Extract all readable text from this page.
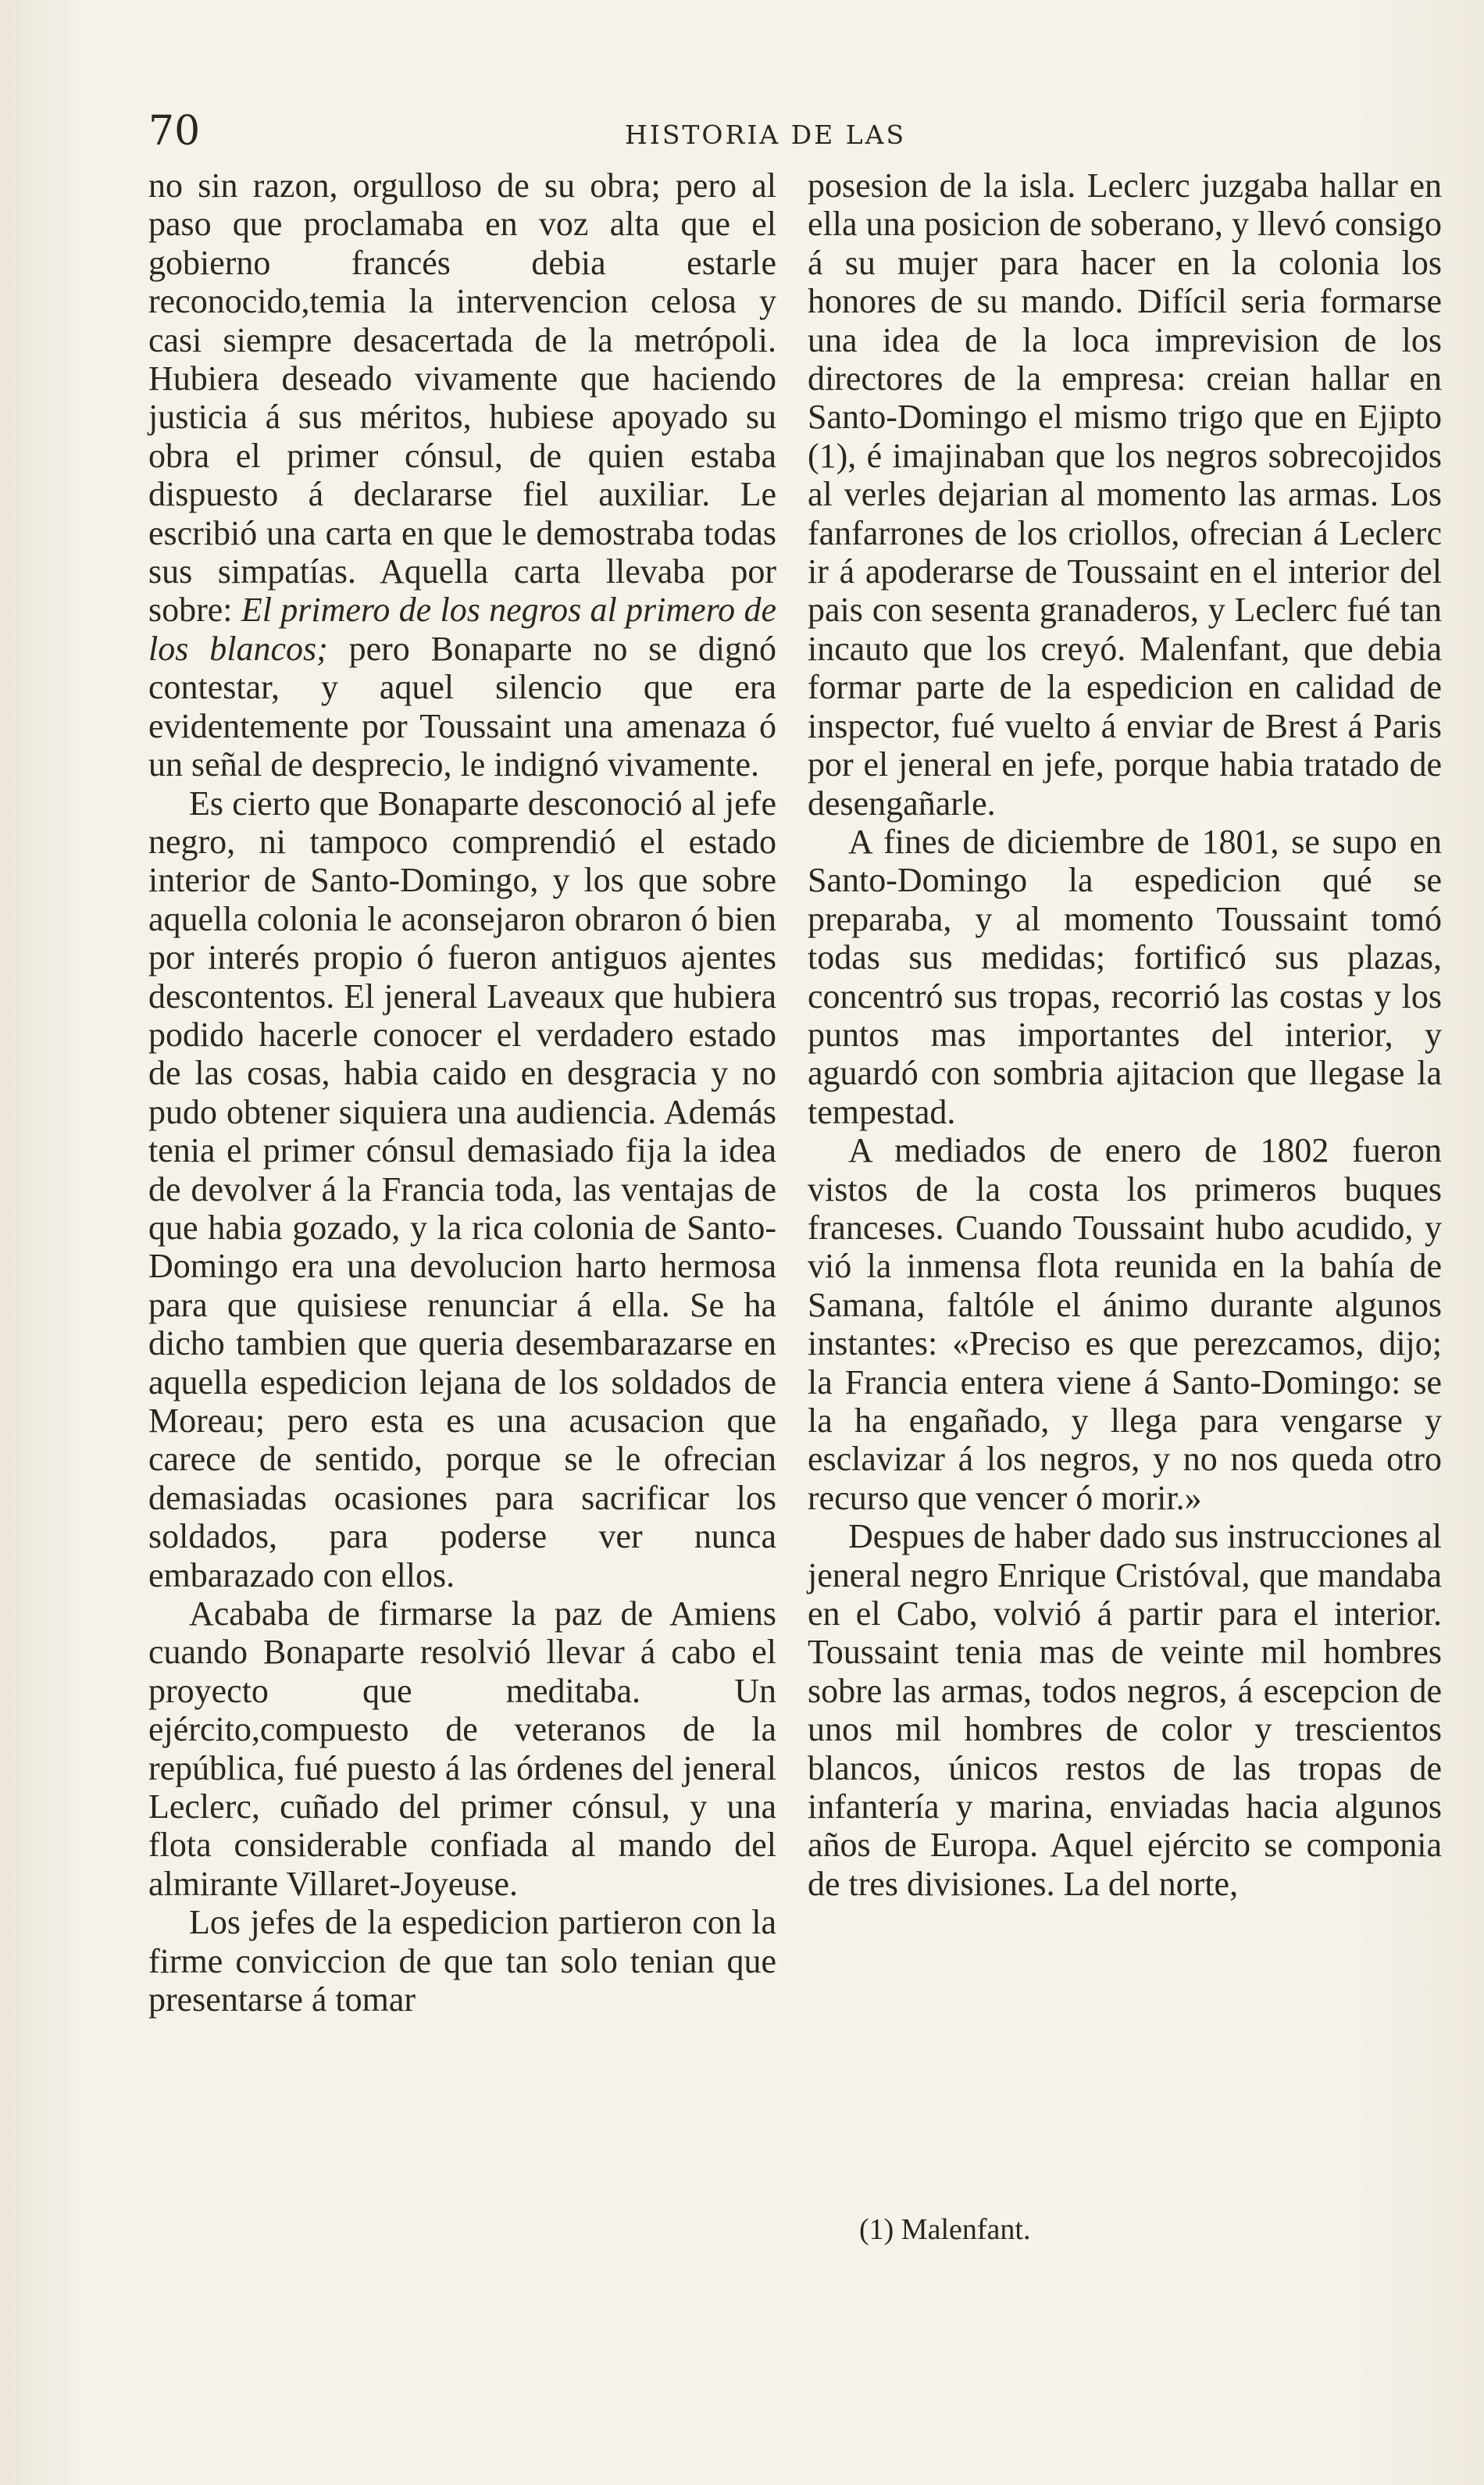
70	HISTORIA DE LAS

no sin razon, orgulloso de su obra; pero al paso que proclamaba en voz alta que el gobierno francés debia estarle reconocido,temia la intervencion celosa y casi siempre desacertada de la metrópoli. Hubiera deseado vivamente que haciendo justicia á sus méritos, hubiese apoyado su obra el primer cónsul, de quien estaba dispuesto á declararse fiel auxiliar. Le escribió una carta en que le demostraba todas sus simpatías. Aquella carta llevaba por sobre: El primero de los negros al primero de los blancos; pero Bonaparte no se dignó contestar, y aquel silencio que era evidentemente por Toussaint una amenaza ó un señal de desprecio, le indignó vivamente.

Es cierto que Bonaparte desconoció al jefe negro, ni tampoco comprendió el estado interior de Santo-Domingo, y los que sobre aquella colonia le aconsejaron obraron ó bien por interés propio ó fueron antiguos ajentes descontentos. El jeneral Laveaux que hubiera podido hacerle conocer el verdadero estado de las cosas, habia caido en desgracia y no pudo obtener siquiera una audiencia. Además tenia el primer cónsul demasiado fija la idea de devolver á la Francia toda, las ventajas de que habia gozado, y la rica colonia de Santo-Domingo era una devolucion harto hermosa para que quisiese renunciar á ella. Se ha dicho tambien que queria desembarazarse en aquella espedicion lejana de los soldados de Moreau; pero esta es una acusacion que carece de sentido, porque se le ofrecian demasiadas ocasiones para sacrificar los soldados, para poderse ver nunca embarazado con ellos.

Acababa de firmarse la paz de Amiens cuando Bonaparte resolvió llevar á cabo el proyecto que meditaba. Un ejército,compuesto de veteranos de la república, fué puesto á las órdenes del jeneral Leclerc, cuñado del primer cónsul, y una flota considerable confiada al mando del almirante Villaret-Joyeuse.

Los jefes de la espedicion partieron con la firme conviccion de que tan solo tenian que presentarse á tomar

posesion de la isla. Leclerc juzgaba hallar en ella una posicion de soberano, y llevó consigo á su mujer para hacer en la colonia los honores de su mando. Difícil seria formarse una idea de la loca imprevision de los directores de la empresa: creian hallar en Santo-Domingo el mismo trigo que en Ejipto (1), é imajinaban que los negros sobrecojidos al verles dejarian al momento las armas. Los fanfarrones de los criollos, ofrecian á Leclerc ir á apoderarse de Toussaint en el interior del pais con sesenta granaderos, y Leclerc fué tan incauto que los creyó. Malenfant, que debia formar parte de la espedicion en calidad de inspector, fué vuelto á enviar de Brest á Paris por el jeneral en jefe, porque habia tratado de desengañarle.

A fines de diciembre de 1801, se supo en Santo-Domingo la espedicion qué se preparaba, y al momento Toussaint tomó todas sus medidas; fortificó sus plazas, concentró sus tropas, recorrió las costas y los puntos mas importantes del interior, y aguardó con sombria ajitacion que llegase la tempestad.

A mediados de enero de 1802 fueron vistos de la costa los primeros buques franceses. Cuando Toussaint hubo acudido, y vió la inmensa flota reunida en la bahía de Samana, faltóle el ánimo durante algunos instantes: «Preciso es que perezcamos, dijo; la Francia entera viene á Santo-Domingo: se la ha engañado, y llega para vengarse y esclavizar á los negros, y no nos queda otro recurso que vencer ó morir.»

Despues de haber dado sus instrucciones al jeneral negro Enrique Cristóval, que mandaba en el Cabo, volvió á partir para el interior. Toussaint tenia mas de veinte mil hombres sobre las armas, todos negros, á escepcion de unos mil hombres de color y trescientos blancos, únicos restos de las tropas de infantería y marina, enviadas hacia algunos años de Europa. Aquel ejército se componia de tres divisiones. La del norte,

(1) Malenfant.
